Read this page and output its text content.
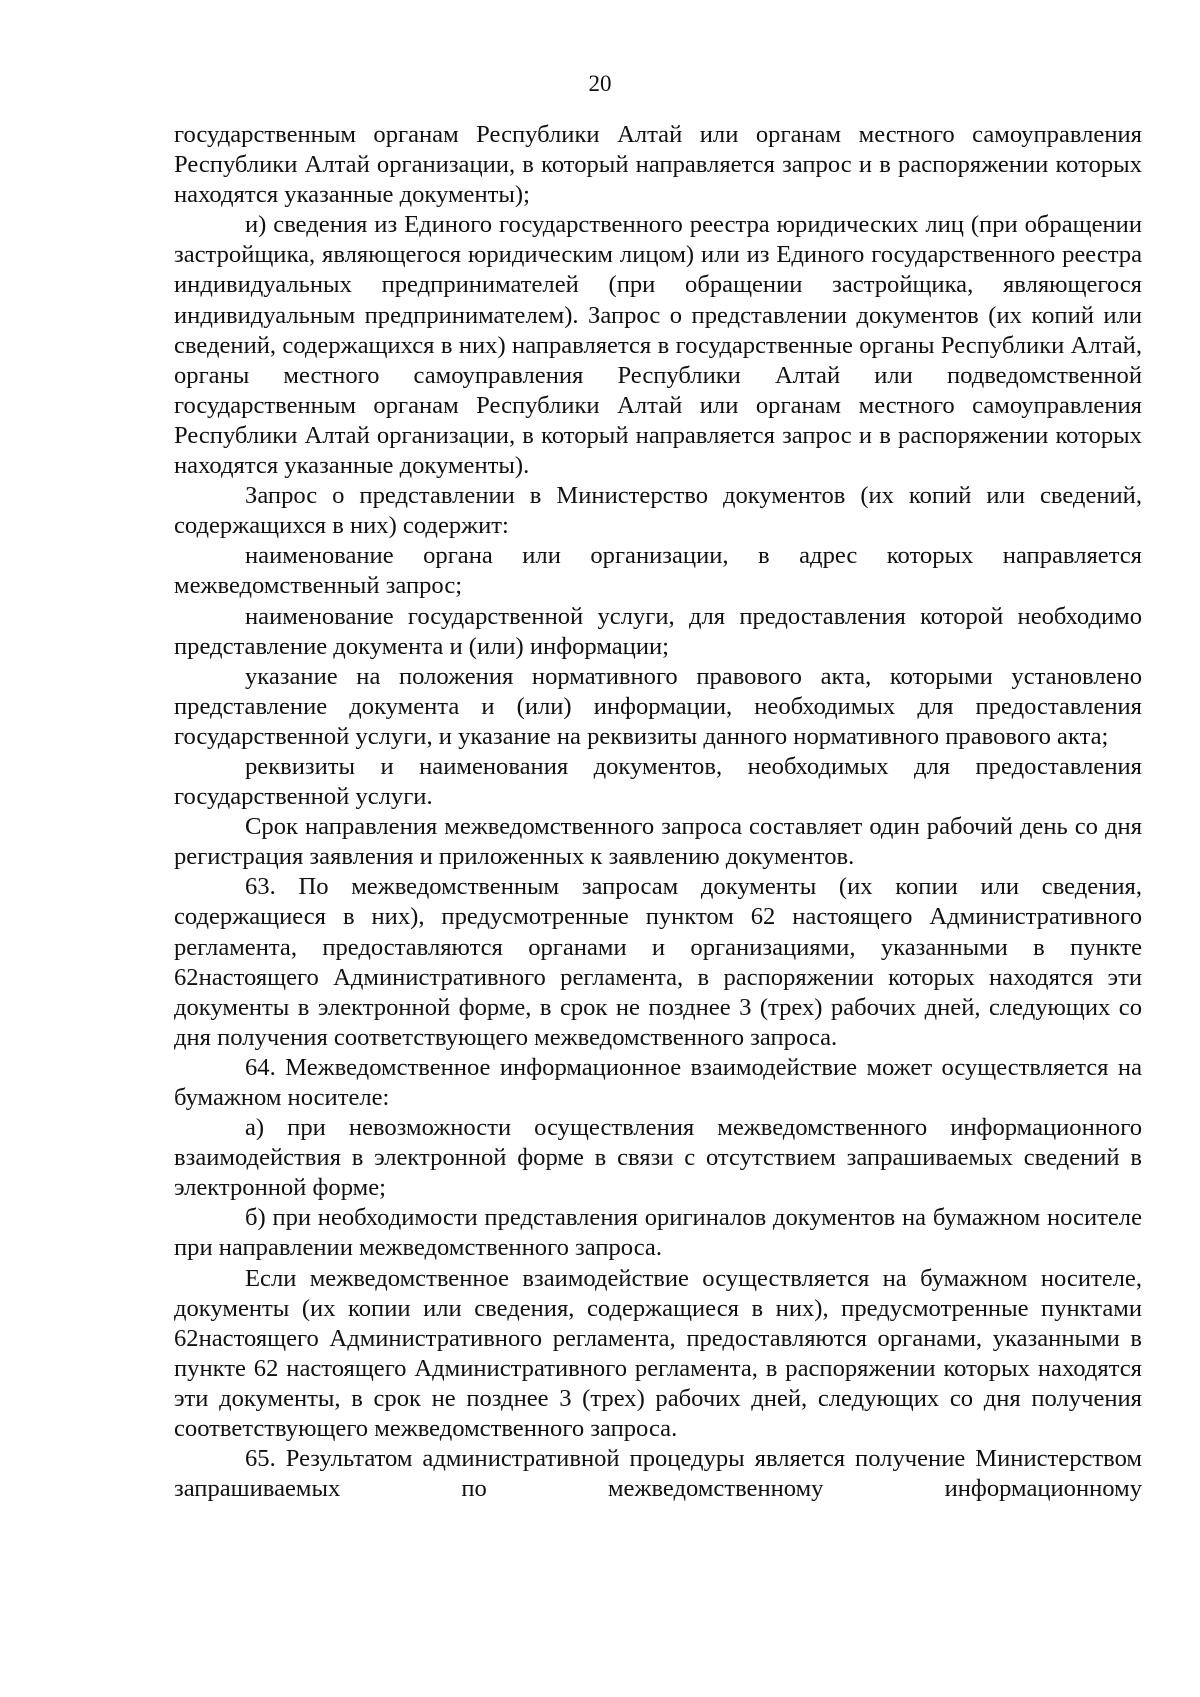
20

государственным органам Республики Алтай или органам местного самоуправления Республики Алтай организации, в который направляется запрос и в распоряжении которых находятся указанные документы);

и) сведения из Единого государственного реестра юридических лиц (при обращении застройщика, являющегося юридическим лицом) или из Единого государственного реестра индивидуальных предпринимателей (при обращении застройщика, являющегося индивидуальным предпринимателем). Запрос о представлении документов (их копий или сведений, содержащихся в них) направляется в государственные органы Республики Алтай, органы местного самоуправления Республики Алтай или подведомственной государственным органам Республики Алтай или органам местного самоуправления Республики Алтай организации, в который направляется запрос и в распоряжении которых находятся указанные документы).

Запрос о представлении в Министерство документов (их копий или сведений, содержащихся в них) содержит:

наименование органа или организации, в адрес которых направляется межведомственный запрос;

наименование государственной услуги, для предоставления которой необходимо представление документа и (или) информации;

указание на положения нормативного правового акта, которыми установлено представление документа и (или) информации, необходимых для предоставления государственной услуги, и указание на реквизиты данного нормативного правового акта;

реквизиты и наименования документов, необходимых для предоставления государственной услуги.

Срок направления межведомственного запроса составляет один рабочий день со дня регистрация заявления и приложенных к заявлению документов.

63. По межведомственным запросам документы (их копии или сведения, содержащиеся в них), предусмотренные пунктом 62 настоящего Административного регламента, предоставляются органами и организациями, указанными в пункте 62настоящего Административного регламента, в распоряжении которых находятся эти документы в электронной форме, в срок не позднее 3 (трех) рабочих дней, следующих со дня получения соответствующего межведомственного запроса.

64. Межведомственное информационное взаимодействие может осуществляется на бумажном носителе:

а) при невозможности осуществления межведомственного информационного взаимодействия в электронной форме в связи с отсутствием запрашиваемых сведений в электронной форме;

б) при необходимости представления оригиналов документов на бумажном носителе при направлении межведомственного запроса.

Если межведомственное взаимодействие осуществляется на бумажном носителе, документы (их копии или сведения, содержащиеся в них), предусмотренные пунктами 62настоящего Административного регламента, предоставляются органами, указанными в пункте 62 настоящего Административного регламента, в распоряжении которых находятся эти документы, в срок не позднее 3 (трех) рабочих дней, следующих со дня получения соответствующего межведомственного запроса.

65. Результатом административной процедуры является получение Министерством запрашиваемых по межведомственному информационному
